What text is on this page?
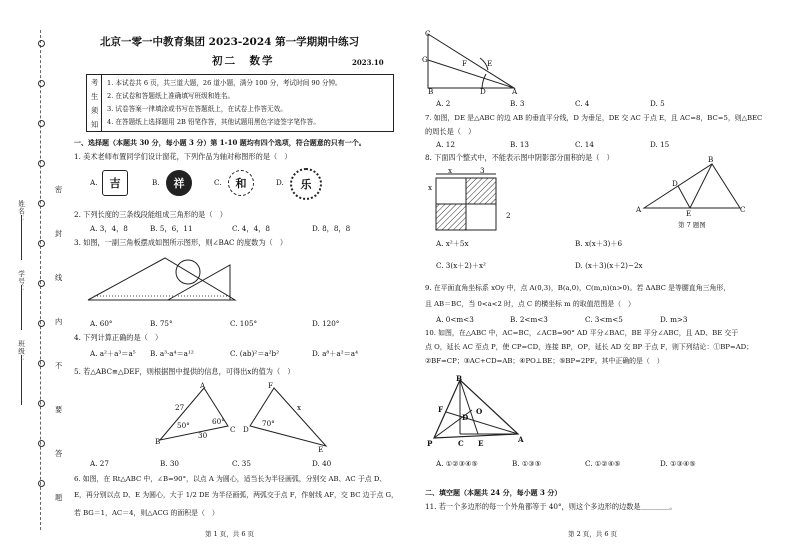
班级：
学号：
姓名：
密
封
线
内
不
要
答
题
北京一零一中教育集团 2023-2024 第一学期期中练习
初二　数学	2023.10
考
生
须
知
1. 本试卷共 6 页，共三道大题，26 道小题，满分 100 分，考试时间 90 分钟。
2. 在试卷和答题纸上准确填写班级和姓名。
3. 试卷答案一律填涂或书写在答题纸上，在试卷上作答无效。
4. 在答题纸上选择题用 2B 铅笔作答，其他试题用黑色字迹签字笔作答。
一、选择题（本题共 30 分，每小题 3 分）第 1-10 题均有四个选项，符合题意的只有一个。
1. 美术老师布置同学们设计窗花，下列作品为轴对称图形的是（　）
A. 吉	B. 祥	C. 和	D. 乐
2. 下列长度的三条线段能组成三角形的是（　）
A. 3，4，8	B. 5，6，11	C. 4，4，8	D. 8，8，8
3. 如图，一副三角板摆成如图所示图形，则∠BAC 的度数为（　）
A. 60°	B. 75°	C. 105°	D. 120°
4. 下列计算正确的是（　）
A. a²＋a³＝a⁵ B. a³·a⁴＝a¹²	C. (ab)²＝a²b²	D. a⁸＋a²＝a⁴
5. 若△ABC≌△DEF，则根据图中提供的信息，可得出x的值为（　）
A
B
C
27
50°	60°
30
D
70°
x
F
E
A. 27	B. 30	C. 35	D. 40
6. 如图，在 Rt△ABC 中，∠B=90°，以点 A 为圆心，适当长为半径画弧，分别交 AB、AC 于点 D、
E，再分别以点 D、E 为圆心，大于 1/2 DE 为半径画弧，两弧交于点 F，作射线 AF，交 BC 边于点 G，
若 BG＝1，AC＝4，则△ACG 的面积是（　）
第 1 页，共 6 页
C
G	F	E
B	D	A
A. 2	B. 3	C. 4	D. 5
7. 如图，DE 是△ABC 的边 AB 的垂直平分线，D 为垂足，DE 交 AC 于点 E，且 AC=8，BC=5，则△BEC
的周长是（　）
A. 12	B. 13	C. 14	D. 15
8. 下面四个整式中，不能表示图中阴影部分面积的是（　）
x	3
x
2
B
D
A	E	C
第 7 题图
A. x²＋5x	B. x(x＋3)＋6
C. 3(x＋2)＋x²	D. (x＋3)(x＋2)−2x
9. 在平面直角坐标系 xOy 中，点 A(0,3)，B(a,0)，C(m,n)(n>0)。若 ΔABC 是等腰直角三角形，
且 AB＝BC，当 0<a<2 时，点 C 的横坐标 m 的取值范围是（　）
A. 0<m<3	B. 2<m<3	C. 3<m<5	D. m>3
10. 如图，在△ABC 中，AC=BC，∠ACB=90° AD 平分∠BAC，BE 平分∠ABC，且 AD、BE 交于
点 O，延长 AC 至点 P，使 CP=CD，连接 BP，OP，延长 AD 交 BP 于点 F，则下列结论：①BP=AD；
②BF=CP；③AC+CD=AB；④PO⊥BE；⑤BP=2PF。其中正确的是（　）
B
F
D
O
P	C E	A
A. ①②③④⑤	B. ①③⑤	C. ①②④⑤	D. ①③④⑤
二、填空题（本题共 24 分，每小题 3 分）
11. 若一个多边形的每一个外角都等于 40°，则这个多边形的边数是＿＿＿＿。
第 2 页，共 6 页
